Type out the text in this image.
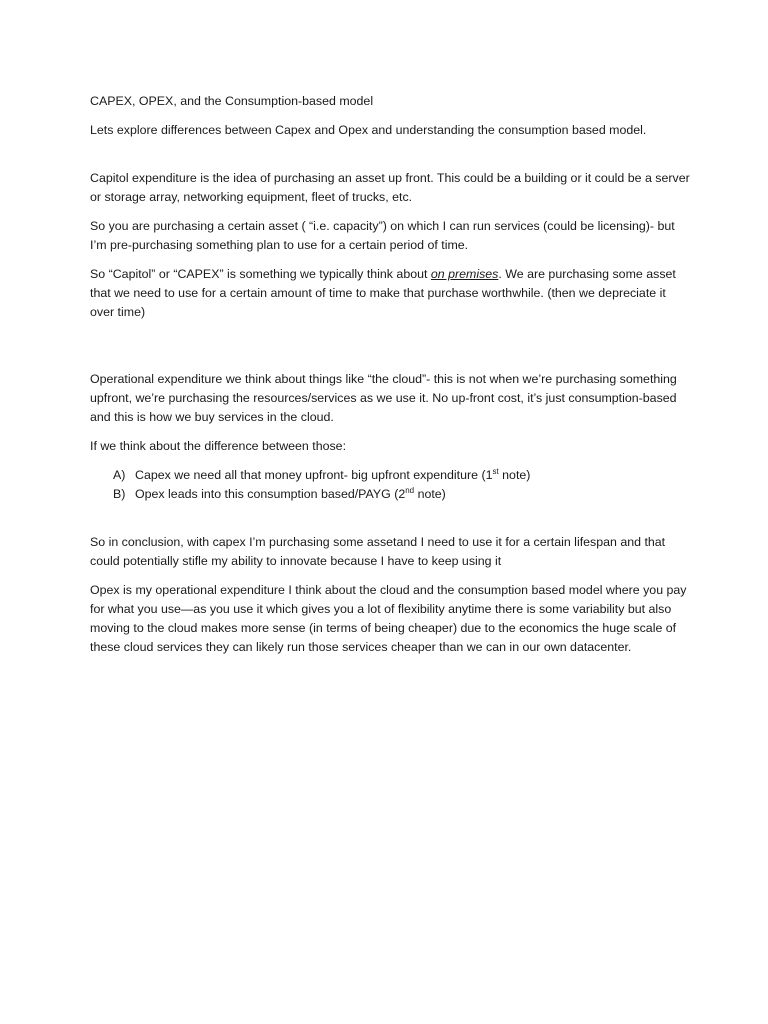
CAPEX, OPEX, and the Consumption-based model

Lets explore differences between Capex and Opex and understanding the consumption based model.

Capitol expenditure is the idea of purchasing an asset up front. This could be a building or it could be a server or storage array, networking equipment, fleet of trucks, etc.

So you are purchasing a certain asset ( “i.e. capacity”) on which I can run services (could be licensing)- but I’m pre-purchasing something plan to use for a certain period of time.

So “Capitol” or “CAPEX” is something we typically think about on premises. We are purchasing some asset that we need to use for a certain amount of time to make that purchase worthwhile. (then we depreciate it over time)

Operational expenditure we think about things like “the cloud”- this is not when we’re purchasing something upfront, we’re purchasing the resources/services as we use it. No up-front cost, it’s just consumption-based and this is how we buy services in the cloud.

If we think about the difference between those:

A) Capex we need all that money upfront- big upfront expenditure (1st note)
B) Opex leads into this consumption based/PAYG (2nd note)

So in conclusion, with capex I’m purchasing some assetand I need to use it for a certain lifespan and that could potentially stifle my ability to innovate because I have to keep using it

Opex is my operational expenditure I think about the cloud and the consumption based model where you pay for what you use—as you use it which gives you a lot of flexibility anytime there is some variability but also moving to the cloud makes more sense (in terms of being cheaper) due to the economics the huge scale of these cloud services they can likely run those services cheaper than we can in our own datacenter.
